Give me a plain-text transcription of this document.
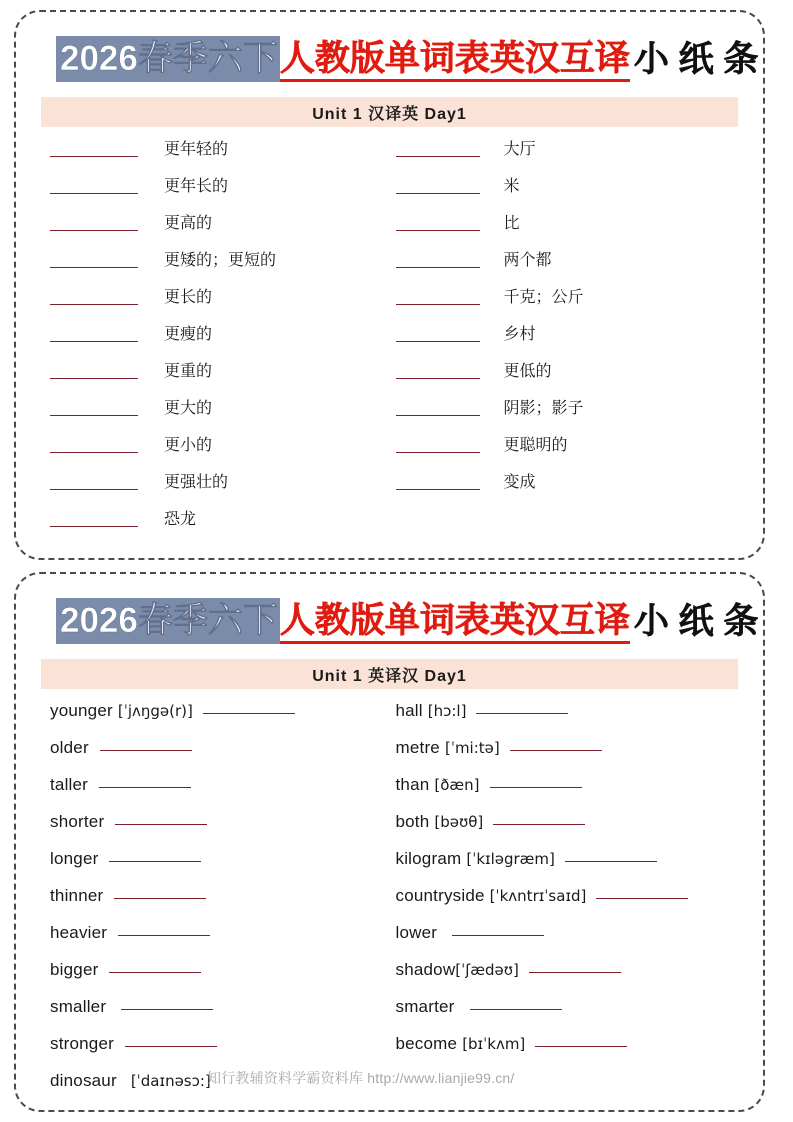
2026春季六下 人教版单词表英汉互译 小 纸 条
Unit 1 汉译英 Day1
更年轻的
更年长的
更高的
更矮的；更短的
更长的
更瘦的
更重的
更大的
更小的
更强壮的
恐龙
大厅
米
比
两个都
千克；公斤
乡村
更低的
阴影；影子
更聪明的
变成
2026春季六下 人教版单词表英汉互译 小 纸 条
Unit 1 英译汉 Day1
younger [ˈjʌŋgə(r)]
older
taller
shorter
longer
thinner
heavier
bigger
smaller
stronger
dinosaur [ˈdaɪnəsɔ:]
hall [hɔ:l]
metre [ˈmi:tə]
than [ðæn]
both [bəʊθ]
kilogram [ˈkɪləgræm]
countryside [ˈkʌntrɪˈsaɪd]
lower
shadow [ˈʃædəʊ]
smarter
become [bɪˈkʌm]
知行教辅资料学霸资料库 http://www.lianjie99.cn/
